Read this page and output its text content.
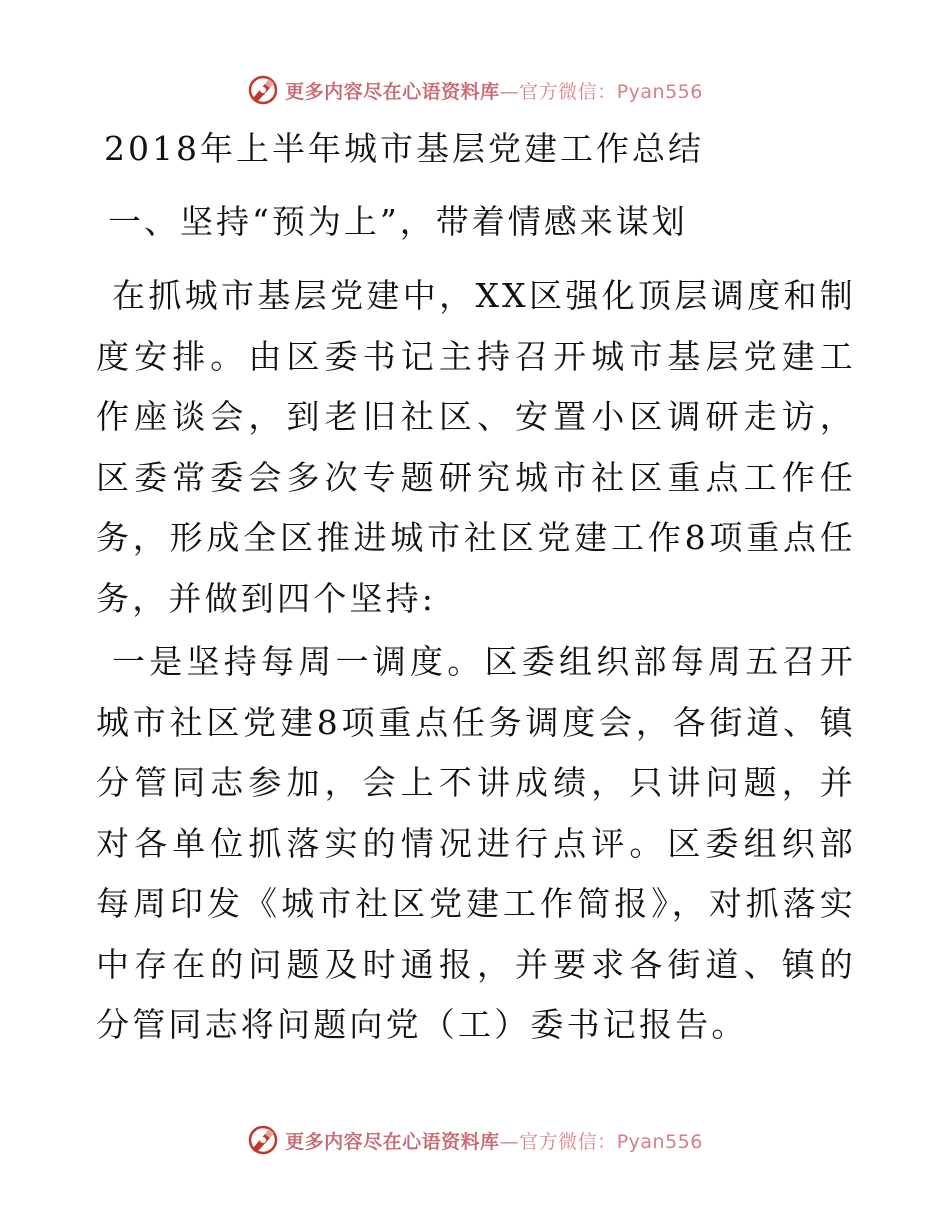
更多内容尽在心语资料库—官方微信：Pyan556
2018年上半年城市基层党建工作总结
一、坚持“预为上”，带着情感来谋划

在抓城市基层党建中，XX区强化顶层调度和制度安排。由区委书记主持召开城市基层党建工作座谈会，到老旧社区、安置小区调研走访，区委常委会多次专题研究城市社区重点工作任务，形成全区推进城市社区党建工作8项重点任务，并做到四个坚持:

一是坚持每周一调度。区委组织部每周五召开城市社区党建8项重点任务调度会，各街道、镇分管同志参加，会上不讲成绩，只讲问题，并对各单位抓落实的情况进行点评。区委组织部每周印发《城市社区党建工作简报》，对抓落实中存在的问题及时通报，并要求各街道、镇的分管同志将问题向党（工）委书记报告。

更多内容尽在心语资料库—官方微信：Pyan556
